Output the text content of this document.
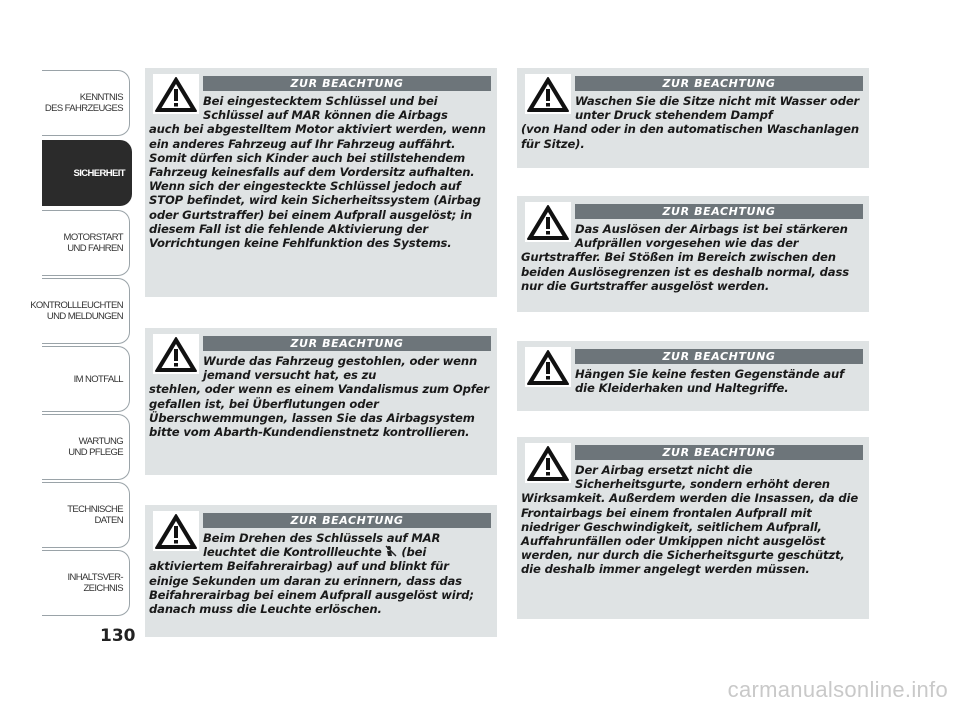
KENNTNIS
DES FAHRZEUGES
SICHERHEIT
MOTORSTART
UND FAHREN
KONTROLLLEUCHTEN
UND MELDUNGEN
IM NOTFALL
WARTUNG
UND PFLEGE
TECHNISCHE
DATEN
INHALTSVER-
ZEICHNIS
130
ZUR BEACHTUNG
Bei eingestecktem Schlüssel und bei Schlüssel auf MAR können die Airbags
auch bei abgestelltem Motor aktiviert werden, wenn ein anderes Fahrzeug auf Ihr Fahrzeug auffährt. Somit dürfen sich Kinder auch bei stillstehendem Fahrzeug keinesfalls auf dem Vordersitz aufhalten. Wenn sich der eingesteckte Schlüssel jedoch auf STOP befindet, wird kein Sicherheitssystem (Airbag oder Gurtstraffer) bei einem Aufprall ausgelöst; in diesem Fall ist die fehlende Aktivierung der Vorrichtungen keine Fehlfunktion des Systems.
ZUR BEACHTUNG
Wurde das Fahrzeug gestohlen, oder wenn jemand versucht hat, es zu
stehlen, oder wenn es einem Vandalismus zum Opfer gefallen ist, bei Überflutungen oder Überschwemmungen, lassen Sie das Airbagsystem bitte vom Abarth-Kundendienstnetz kontrollieren.
ZUR BEACHTUNG
Beim Drehen des Schlüssels auf MAR leuchtet die Kontrollleuchte (bei
aktiviertem Beifahrerairbag) auf und blinkt für einige Sekunden um daran zu erinnern, dass das Beifahrerairbag bei einem Aufprall ausgelöst wird; danach muss die Leuchte erlöschen.
ZUR BEACHTUNG
Waschen Sie die Sitze nicht mit Wasser oder unter Druck stehendem Dampf
(von Hand oder in den automatischen Waschanlagen für Sitze).
ZUR BEACHTUNG
Das Auslösen der Airbags ist bei stärkeren Aufprällen vorgesehen wie das der
Gurtstraffer. Bei Stößen im Bereich zwischen den beiden Auslösegrenzen ist es deshalb normal, dass nur die Gurtstraffer ausgelöst werden.
ZUR BEACHTUNG
Hängen Sie keine festen Gegenstände auf die Kleiderhaken und Haltegriffe.
ZUR BEACHTUNG
Der Airbag ersetzt nicht die Sicherheitsgurte, sondern erhöht deren
Wirksamkeit. Außerdem werden die Insassen, da die Frontairbags bei einem frontalen Aufprall mit niedriger Geschwindigkeit, seitlichem Aufprall, Auffahrunfällen oder Umkippen nicht ausgelöst werden, nur durch die Sicherheitsgurte geschützt, die deshalb immer angelegt werden müssen.
carmanualsonline.info
